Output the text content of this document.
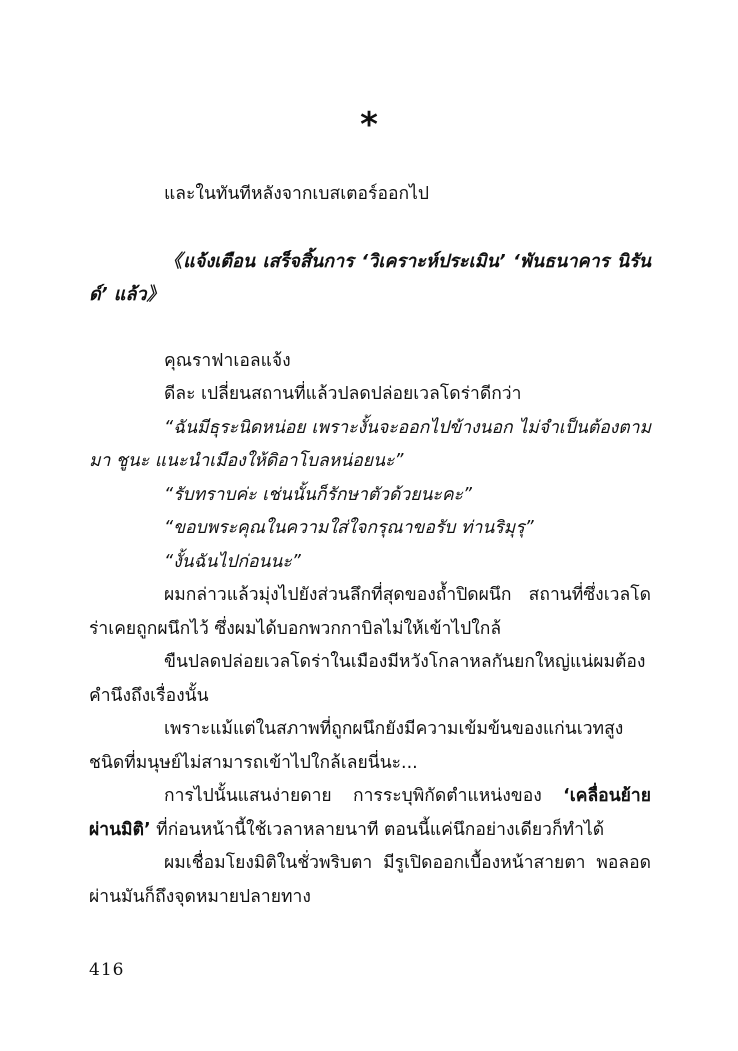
*

และในทันทีหลังจากเบสเตอร์ออกไป

《แจ้งเตือน เสร็จสิ้นการ ‘วิเคราะห์ประเมิน’ ‘พันธนาคาร นิรันด์’ แล้ว》

คุณราฟาเอลแจ้ง

ดีละ เปลี่ยนสถานที่แล้วปลดปล่อยเวลโดร่าดีกว่า

“ฉันมีธุระนิดหน่อย เพราะงั้นจะออกไปข้างนอก ไม่จำเป็นต้องตามมา ชูนะ แนะนำเมืองให้ดิอาโบลหน่อยนะ”

“รับทราบค่ะ เช่นนั้นก็รักษาตัวด้วยนะคะ”

“ขอบพระคุณในความใส่ใจกรุณาขอรับ ท่านริมุรุ”

“งั้นฉันไปก่อนนะ”

ผมกล่าวแล้วมุ่งไปยังส่วนลึกที่สุดของถ้ำปิดผนึก สถานที่ซึ่งเวลโดร่าเคยถูกผนึกไว้ ซึ่งผมได้บอกพวกกาบิลไม่ให้เข้าไปใกล้

ขืนปลดปล่อยเวลโดร่าในเมืองมีหวังโกลาหลกันยกใหญ่แน่ผมต้องคำนึงถึงเรื่องนั้น

เพราะแม้แต่ในสภาพที่ถูกผนึกยังมีความเข้มข้นของแก่นเวทสูงชนิดที่มนุษย์ไม่สามารถเข้าไปใกล้เลยนี่นะ...

การไปนั้นแสนง่ายดาย การระบุพิกัดตำแหน่งของ ‘เคลื่อนย้ายผ่านมิติ’ ที่ก่อนหน้านี้ใช้เวลาหลายนาที ตอนนี้แค่นึกอย่างเดียวก็ทำได้

ผมเชื่อมโยงมิติในชั่วพริบตา มีรูเปิดออกเบื้องหน้าสายตา พอลอดผ่านมันก็ถึงจุดหมายปลายทาง

416
